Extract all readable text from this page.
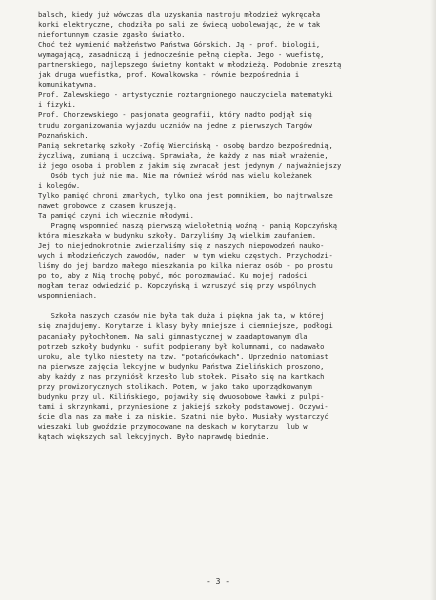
balsch, kiedy już wówczas dla uzyskania nastroju młodzież wykręcała
korki elektryczne, chodziła po sali ze świecą uobolewając, że w tak
niefortunnym czasie zgasło światło.
Choć też wymienić małżeństwo Państwa Górskich. Ją - prof. biologii,
wymagającą, zasadniczą i jednocześnie pełną ciepła. Jego - wuefistę,
partnerskiego, najlepszego świetny kontakt w młodzieżą. Podobnie zresztą
jak druga wuefistka, prof. Kowalkowska - równie bezpośrednia i
komunikatywna.
Prof. Zalewskiego - artystycznie roztargnionego nauczyciela matematyki
i fizyki.
Prof. Chorzewskiego - pasjonata geografii, który nadto podjął się
trudu zorganizowania wyjazdu uczniów na jedne z pierwszych Targów
Poznańskich.
Panią sekretarkę szkoły -Zofię Wiercińską - osobę bardzo bezpośrednią,
życzliwą, zumianą i uczciwą. Sprawiała, że każdy z nas miał wrażenie,
iż jego osoba i problem z jakim się zwracał jest jedynym / najważniejszy
Osób tych już nie ma. Nie ma również wśród nas wielu koleżanek
i kolegów.
Tylko pamięć chroni zmarłych, tylko ona jest pomnikiem, bo najtrwalsze
nawet grobowce z czasem kruszeją.
Ta pamięć czyni ich wiecznie młodymi.
Pragnę wspomnieć naszą pierwszą wielołetnią woźną - panią Kopczyńską
która mieszkała w budynku szkoły. Darzyliśmy Ją wielkim zaufaniem.
Jej to niejednokrotnie zwierzaliśmy się z naszych niepowodzeń nauko-
wych i młodzieńczych zawodów, nader  w tym wieku częstych. Przychodzi-
liśmy do jej bardzo małego mieszkania po kilka nieraz osób - po prostu
po to, aby z Nią trochę pobyć, móc porozmawiać. Ku mojej radości
mogłam teraz odwiedzić p. Kopczyńską i wzruszyć się przy wspólnych
wspomnieniach.
Szkoła naszych czasów nie była tak duża i piękna jak ta, w której
się znajdujemy. Korytarze i klasy były mniejsze i ciemniejsze, podłogi
pacaniały pyłochłonem. Na sali gimnastycznej w zaadaptowanym dla
potrzeb szkoły budynku - sufit podpierany był kolumnami, co nadawało
uroku, ale tylko niestety na tzw. "potańcówkach". Uprzednio natomiast
na pierwsze zajęcia lekcyjne w budynku Państwa Zielińskich proszono,
aby każdy z nas przyniósł krzesło lub stołek. Pisało się na kartkach
przy prowizorycznych stolikach. Potem, w jako tako uporządkowanym
budynku przy ul. Kilińskiego, pojawiły się dwuosobowe ławki z pulpi-
tami i skrzynkami, przyniesione z jakiejś szkoły podstawowej. Oczywi-
ście dla nas za małe i za niskie. Szatni nie było. Musiały wystarczyć
wieszaki lub gwoździe przymocowane na deskach w korytarzu  lub w
kątach większych sal lekcyjnych. Było naprawdę biednie.
- 3 -
